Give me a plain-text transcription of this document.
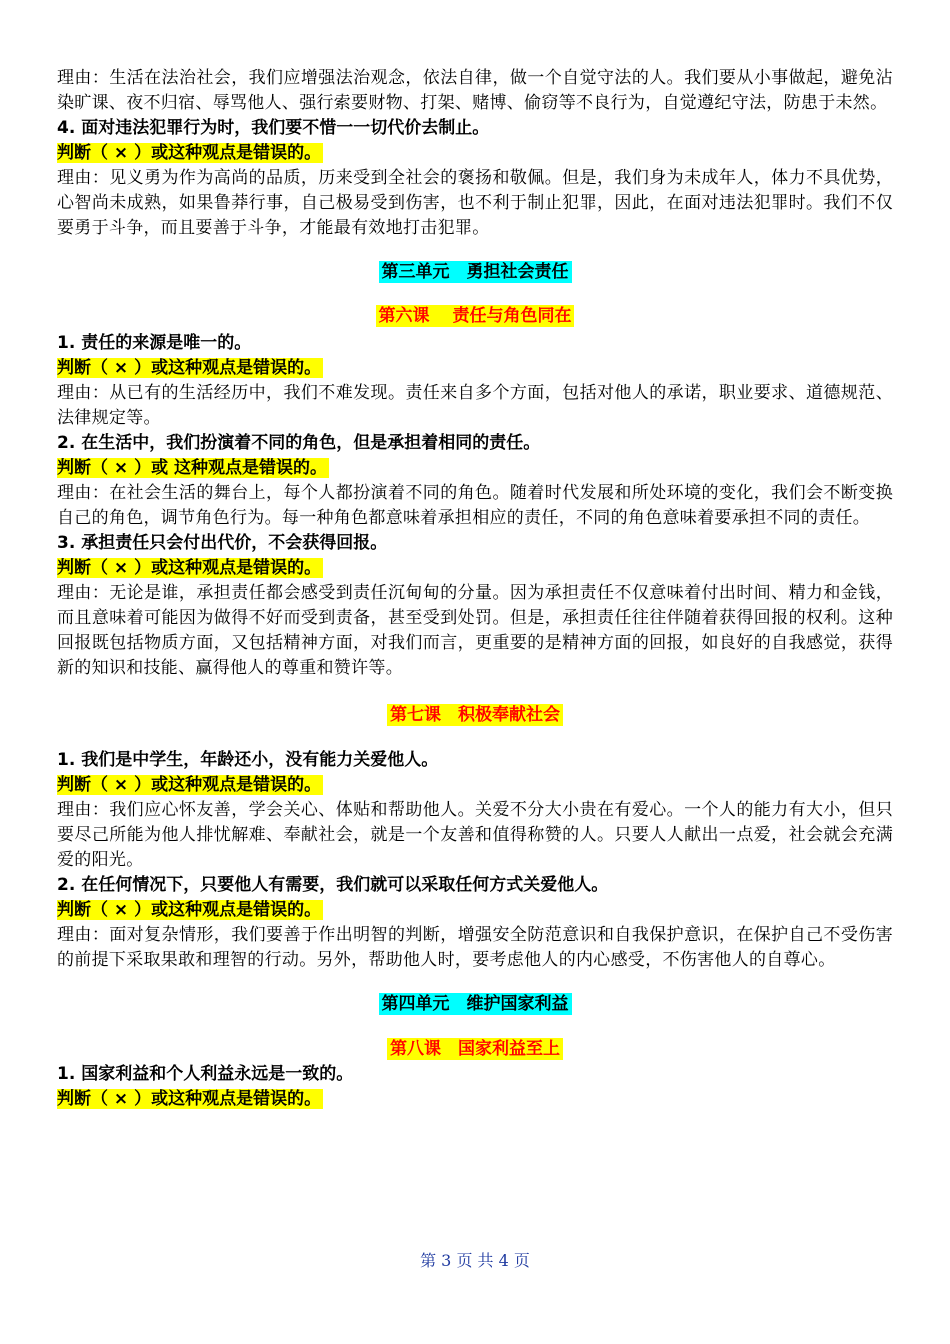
理由：生活在法治社会，我们应增强法治观念，依法自律，做一个自觉守法的人。我们要从小事做起，避免沾染旷课、夜不归宿、辱骂他人、强行索要财物、打架、赌博、偷窃等不良行为，自觉遵纪守法，防患于未然。

4. 面对违法犯罪行为时，我们要不惜一一切代价去制止。

判断（ × ）或这种观点是错误的。

理由：见义勇为作为高尚的品质，历来受到全社会的褒扬和敬佩。但是，我们身为未成年人，体力不具优势，心智尚未成熟，如果鲁莽行事，自己极易受到伤害，也不利于制止犯罪，因此，在面对违法犯罪时。我们不仅要勇于斗争，而且要善于斗争，才能最有效地打击犯罪。

第三单元　勇担社会责任
第六课　 责任与角色同在

1. 责任的来源是唯一的。

判断（ × ）或这种观点是错误的。

理由：从已有的生活经历中，我们不难发现。责任来自多个方面，包括对他人的承诺，职业要求、道德规范、法律规定等。

2. 在生活中，我们扮演着不同的角色，但是承担着相同的责任。

判断（ × ）或 这种观点是错误的。

理由：在社会生活的舞台上，每个人都扮演着不同的角色。随着时代发展和所处环境的变化，我们会不断变换自己的角色，调节角色行为。每一种角色都意味着承担相应的责任，不同的角色意味着要承担不同的责任。

3. 承担责任只会付出代价，不会获得回报。

判断（ × ）或这种观点是错误的。

理由：无论是谁，承担责任都会感受到责任沉甸甸的分量。因为承担责任不仅意味着付出时间、精力和金钱，而且意味着可能因为做得不好而受到责备，甚至受到处罚。但是，承担责任往往伴随着获得回报的权利。这种回报既包括物质方面，又包括精神方面，对我们而言，更重要的是精神方面的回报，如良好的自我感觉，获得新的知识和技能、赢得他人的尊重和赞许等。

第七课　积极奉献社会

1. 我们是中学生，年龄还小，没有能力关爱他人。

判断（ × ）或这种观点是错误的。

理由：我们应心怀友善，学会关心、体贴和帮助他人。关爱不分大小贵在有爱心。一个人的能力有大小，但只要尽己所能为他人排忧解难、奉献社会，就是一个友善和值得称赞的人。只要人人献出一点爱，社会就会充满爱的阳光。

2. 在任何情况下，只要他人有需要，我们就可以采取任何方式关爱他人。

判断（ × ）或这种观点是错误的。

理由：面对复杂情形，我们要善于作出明智的判断，增强安全防范意识和自我保护意识，在保护自己不受伤害的前提下采取果敢和理智的行动。另外，帮助他人时，要考虑他人的内心感受，不伤害他人的自尊心。

第四单元　维护国家利益
第八课　国家利益至上

1. 国家利益和个人利益永远是一致的。

判断（ × ）或这种观点是错误的。

第 3 页 共 4 页
